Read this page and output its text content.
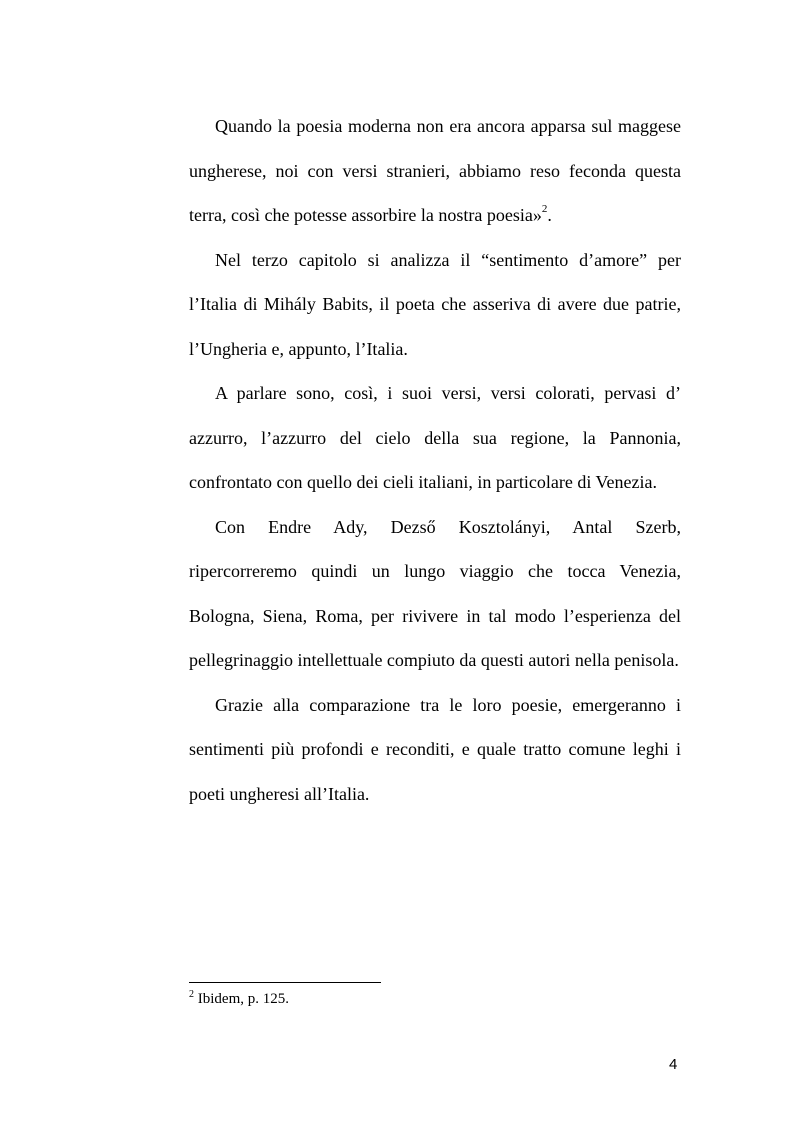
Quando la poesia moderna non era ancora apparsa sul maggese ungherese, noi con versi stranieri, abbiamo reso feconda questa terra, così che potesse assorbire la nostra poesia»$^2$.

Nel terzo capitolo si analizza il “sentimento d’amore” per l’Italia di Mihály Babits, il poeta che asseriva di avere due patrie, l’Ungheria e, appunto, l’Italia.

A parlare sono, così, i suoi versi, versi colorati, pervasi d’ azzurro, l’azzurro del cielo della sua regione, la Pannonia, confrontato con quello dei cieli italiani, in particolare di Venezia.

Con Endre Ady, Dezső Kosztolányi, Antal Szerb, ripercorreremo quindi un lungo viaggio che tocca Venezia, Bologna, Siena, Roma, per rivivere in tal modo l’esperienza del pellegrinaggio intellettuale compiuto da questi autori nella penisola.

Grazie alla comparazione tra le loro poesie, emergeranno i sentimenti più profondi e reconditi, e quale tratto comune leghi i poeti ungheresi all’Italia.

$^2$ Ibidem, p. 125.
4
